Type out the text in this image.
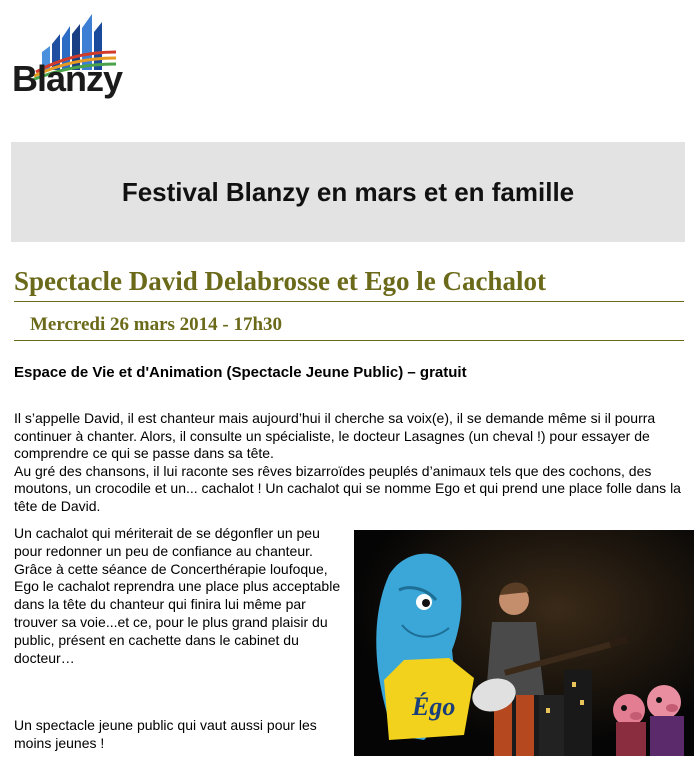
Blanzy
Festival Blanzy en mars et en famille
Spectacle David Delabrosse et Ego le Cachalot
Mercredi 26 mars 2014 - 17h30
Espace de Vie et d'Animation (Spectacle Jeune Public) – gratuit

Il s’appelle David, il est chanteur mais aujourd’hui il cherche sa voix(e), il se demande même si il pourra continuer à chanter. Alors, il consulte un spécialiste, le docteur Lasagnes (un cheval !) pour essayer de comprendre ce qui se passe dans sa tête.

Au gré des chansons, il lui raconte ses rêves bizarroïdes peuplés d’animaux tels que des cochons, des moutons, un crocodile et un... cachalot ! Un cachalot qui se nomme Ego et qui prend une place folle dans la tête de David.

Un cachalot qui mériterait de se dégonfler un peu pour redonner un peu de confiance au chanteur. Grâce à cette séance de Concerthérapie loufoque, Ego le cachalot reprendra une place plus acceptable dans la tête du chanteur qui finira lui même par trouver sa voie...et ce, pour le plus grand plaisir du public, présent en cachette dans le cabinet du docteur…

Un spectacle jeune public qui vaut aussi pour les moins jeunes !
Égo
